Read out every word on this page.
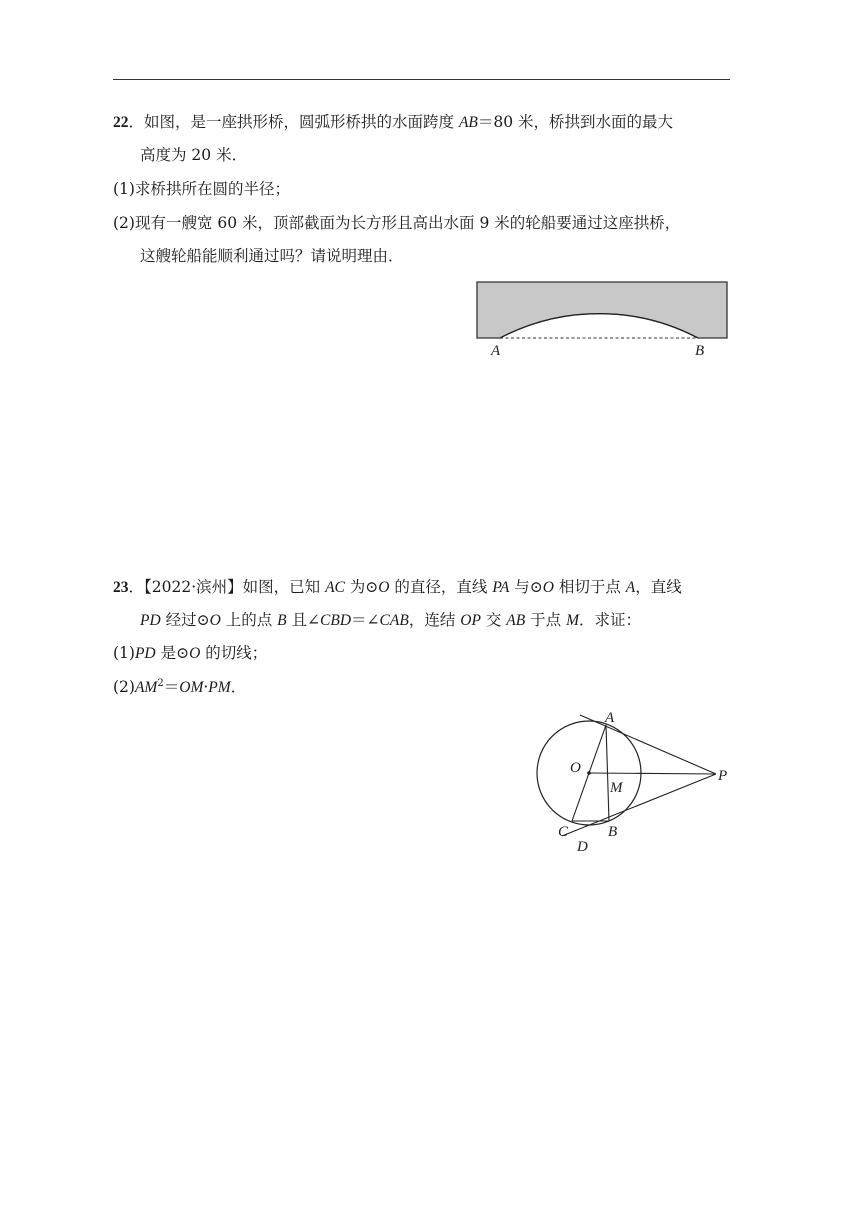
22．如图，是一座拱形桥，圆弧形桥拱的水面跨度 AB＝80 米，桥拱到水面的最大
高度为 20 米．
(1)求桥拱所在圆的半径；
(2)现有一艘宽 60 米，顶部截面为长方形且高出水面 9 米的轮船要通过这座拱桥，
这艘轮船能顺利通过吗？请说明理由．
A	B
23．【2022·滨州】如图，已知 AC 为⊙O 的直径，直线 PA 与⊙O 相切于点 A，直线
PD 经过⊙O 上的点 B 且∠CBD＝∠CAB，连结 OP 交 AB 于点 M．求证：
(1)PD 是⊙O 的切线；
$(2)AM^2=OM\cdot PM$．
A
O
M
P
C	B
D
